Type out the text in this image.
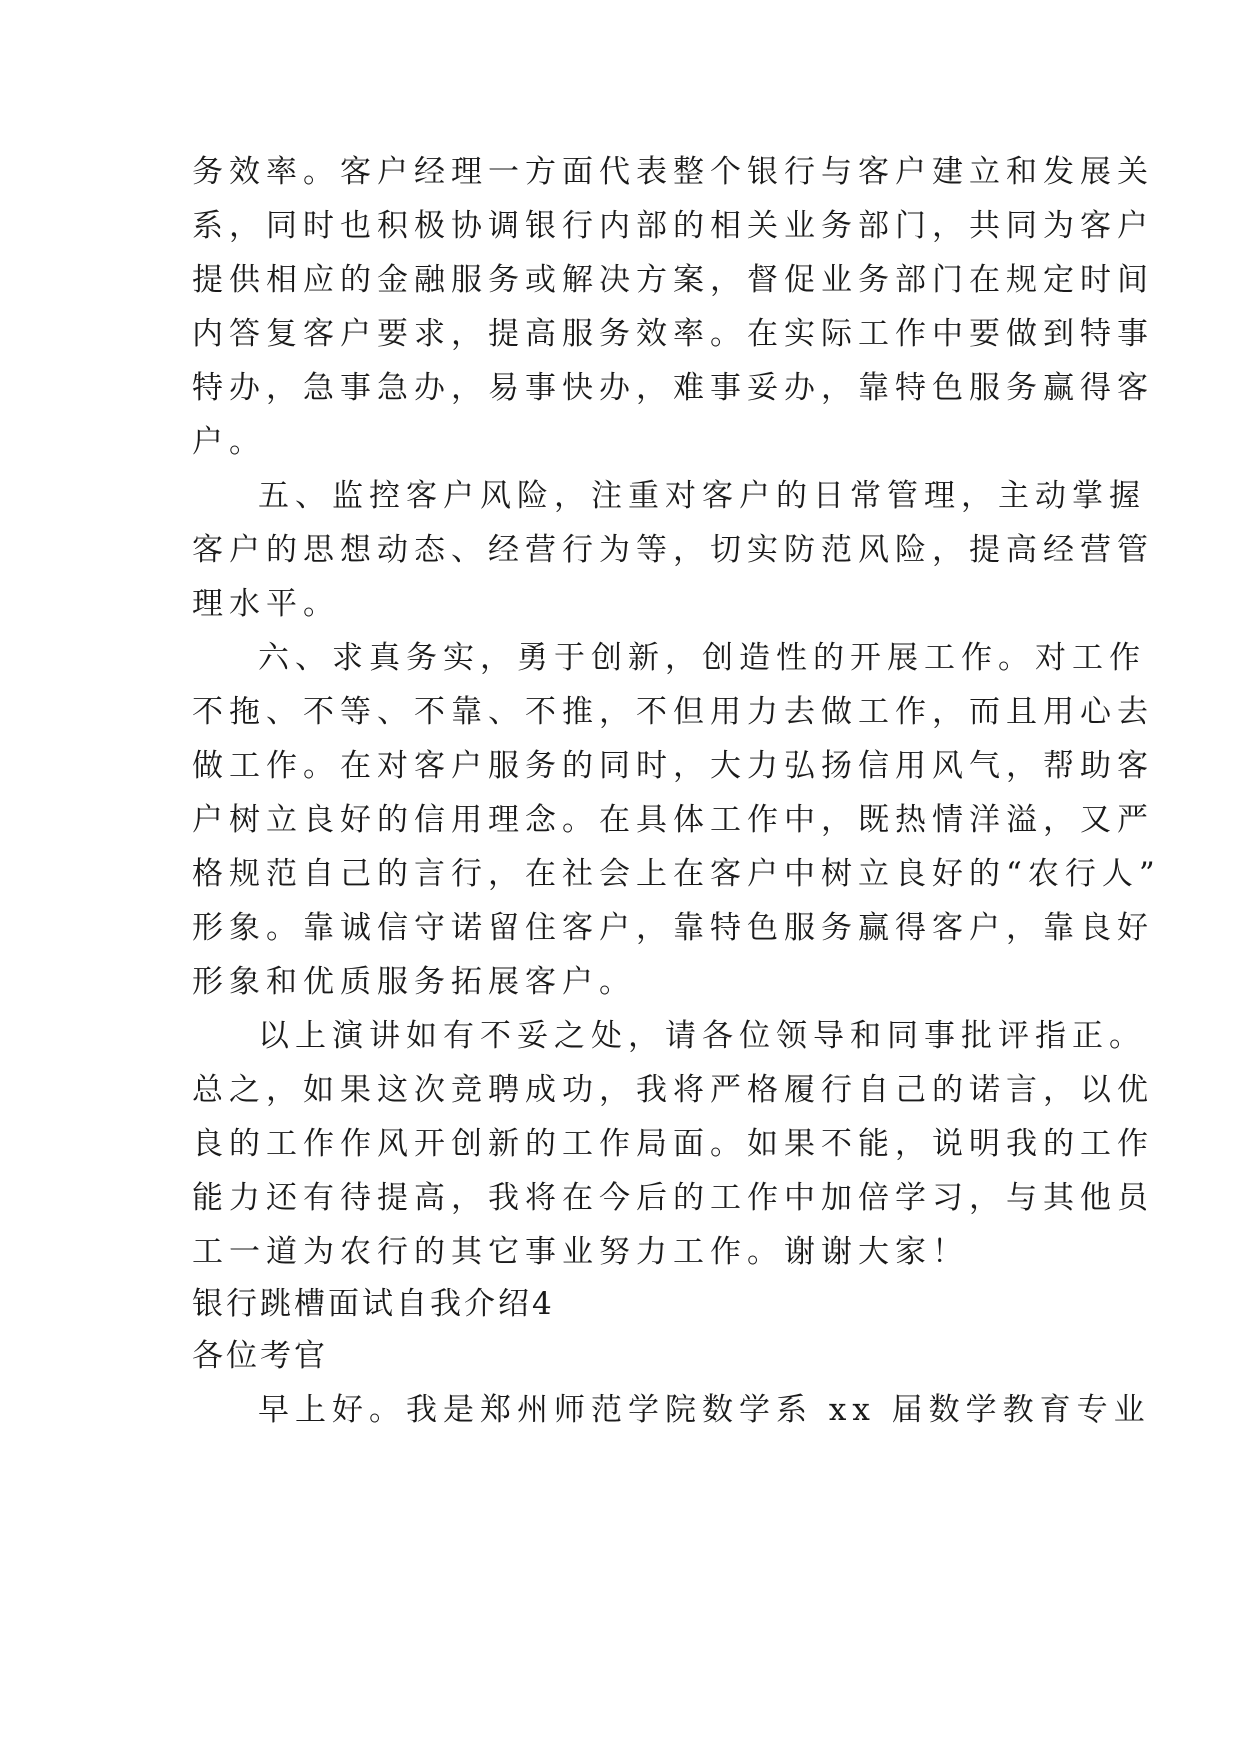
务效率。客户经理一方面代表整个银行与客户建立和发展关
系，同时也积极协调银行内部的相关业务部门，共同为客户
提供相应的金融服务或解决方案，督促业务部门在规定时间
内答复客户要求，提高服务效率。在实际工作中要做到特事
特办，急事急办，易事快办，难事妥办，靠特色服务赢得客
户。
五、监控客户风险，注重对客户的日常管理，主动掌握
客户的思想动态、经营行为等，切实防范风险，提高经营管
理水平。
六、求真务实，勇于创新，创造性的开展工作。对工作
不拖、不等、不靠、不推，不但用力去做工作，而且用心去
做工作。在对客户服务的同时，大力弘扬信用风气，帮助客
户树立良好的信用理念。在具体工作中，既热情洋溢，又严
格规范自己的言行，在社会上在客户中树立良好的“农行人”
形象。靠诚信守诺留住客户，靠特色服务赢得客户，靠良好
形象和优质服务拓展客户。
以上演讲如有不妥之处，请各位领导和同事批评指正。
总之，如果这次竞聘成功，我将严格履行自己的诺言，以优
良的工作作风开创新的工作局面。如果不能，说明我的工作
能力还有待提高，我将在今后的工作中加倍学习，与其他员
工一道为农行的其它事业努力工作。谢谢大家！
银行跳槽面试自我介绍4
各位考官
早上好。我是郑州师范学院数学系 xx 届数学教育专业
